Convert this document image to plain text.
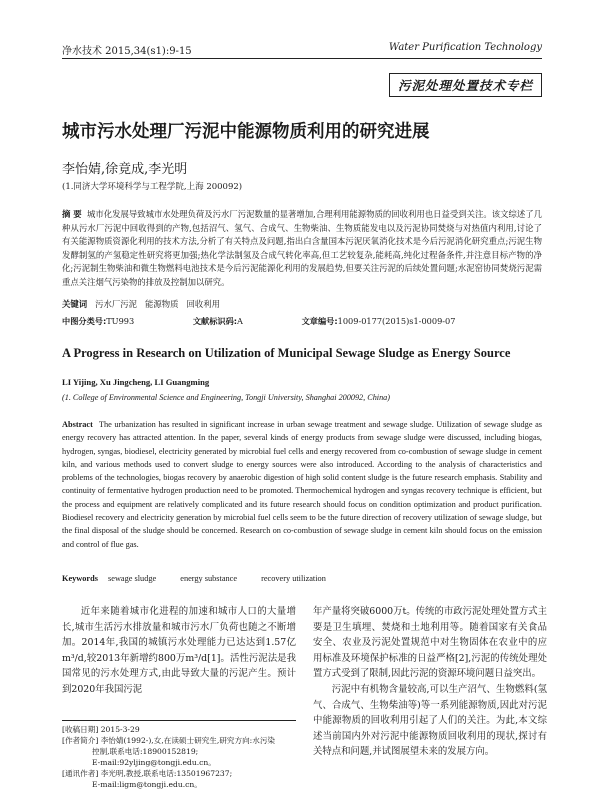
净水技术 2015,34(s1):9-15	Water Purification Technology
污泥处理处置技术专栏
城市污水处理厂污泥中能源物质利用的研究进展
李怡婧,徐竟成,李光明
(1.同济大学环境科学与工程学院,上海 200092)
摘 要 城市化发展导致城市水处理负荷及污水厂污泥数量的显著增加,合理利用能源物质的回收利用也日益受到关注。该文综述了几种从污水厂污泥中回收得到的产物,包括沼气、氢气、合成气、生物柴油、生物质能发电以及污泥协同焚烧与对热值内利用,讨论了有关能源物质资源化利用的技术方法,分析了有关特点及问题,指出白含量国本污泥厌氧消化技术是今后污泥消化研究重点;污泥生物发酵制氢的产氢稳定性研究将更加强;热化学法制氢及合成气转化率高,但工艺较复杂,能耗高,纯化过程备条件,并注意目标产物的净化;污泥制生物柴油和微生物燃料电池技术是今后污泥能源化利用的发展趋势,但要关注污泥的后续处置问题;水泥窑协同焚烧污泥需重点关注烟气污染物的排放及控制加以研究。
关键词 污水厂污泥 能源物质 回收利用
中图分类号:TU993	文献标识码:A	文章编号:1009-0177(2015)s1-0009-07
A Progress in Research on Utilization of Municipal Sewage Sludge as Energy Source
LI Yijing, Xu Jingcheng, LI Guangming
(1. College of Environmental Science and Engineering, Tongji University, Shanghai 200092, China)
Abstract The urbanization has resulted in significant increase in urban sewage treatment and sewage sludge. Utilization of sewage sludge as energy recovery has attracted attention. In the paper, several kinds of energy products from sewage sludge were discussed, including biogas, hydrogen, syngas, biodiesel, electricity generated by microbial fuel cells and energy recovered from co-combustion of sewage sludge in cement kiln, and various methods used to convert sludge to energy sources were also introduced. According to the analysis of characteristics and problems of the technologies, biogas recovery by anaerobic digestion of high solid content sludge is the future research emphasis. Stability and continuity of fermentative hydrogen production need to be promoted. Thermochemical hydrogen and syngas recovery technique is efficient, but the process and equipment are relatively complicated and its future research should focus on condition optimization and product purification. Biodiesel recovery and electricity generation by microbial fuel cells seem to be the future direction of recovery utilization of sewage sludge, but the final disposal of the sludge should be concerned. Research on co-combustion of sewage sludge in cement kiln should focus on the emission and control of flue gas.
Keywords sewage sludge	energy substance	recovery utilization

近年来随着城市化进程的加速和城市人口的大量增长,城市生活污水排放量和城市污水厂负荷也随之不断增加。2014年,我国的城镇污水处理能力已达达到1.57亿m³/d,较2013年新增约800万m³/d[1]。活性污泥法是我国常见的污水处理方式,由此导致大量的污泥产生。预计到2020年我国污泥

年产量将突破6000万t。传统的市政污泥处理处置方式主要是卫生填埋、焚烧和土地利用等。随着国家有关食品安全、农业及污泥处置规范中对生物固体在农业中的应用标准及环境保护标准的日益严格[2],污泥的传统处理处置方式受到了限制,因此污泥的资源环境问题日益突出。

污泥中有机物含量较高,可以生产沼气、生物燃料(氢气、合成气、生物柴油等)等一系列能源物质,因此对污泥中能源物质的回收利用引起了人们的关注。为此,本文综述当前国内外对污泥中能源物质回收利用的现状,探讨有关特点和问题,并试图展望未来的发展方向。

[收稿日期] 2015-3-29
[作者简介] 李怡婧(1992-),女,在读硕士研究生,研究方向:水污染
控制,联系电话:18900152819;
E-mail:92yljing@tongji.edu.cn。
[通讯作者] 李光明,教授,联系电话:13501967237;
E-mail:ligm@tongji.edu.cn。
